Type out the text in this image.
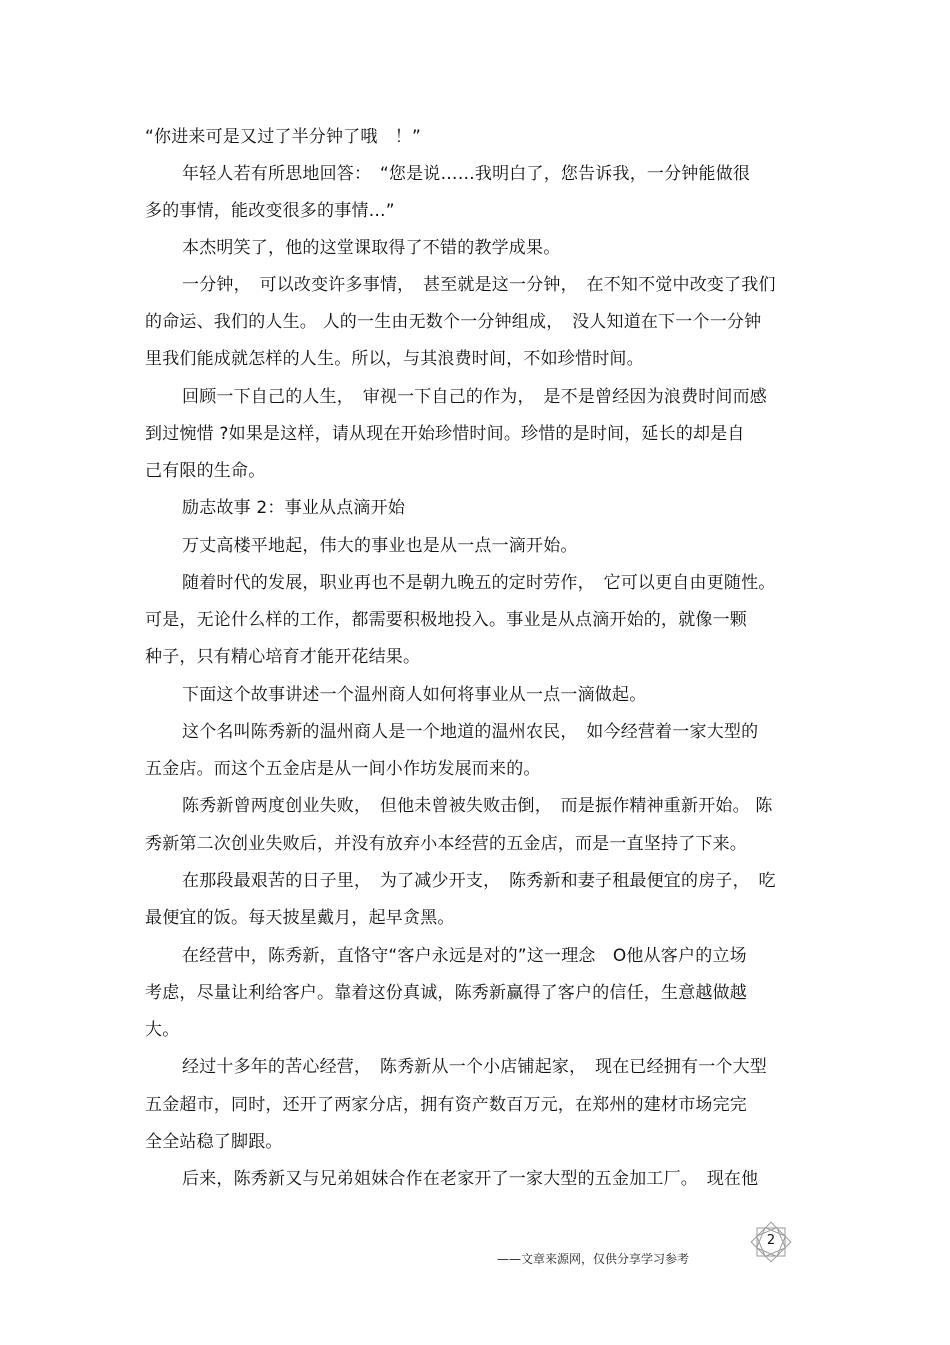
“你进来可是又过了半分钟了哦　！”
年轻人若有所思地回答：　“您是说……我明白了，您告诉我，一分钟能做很
多的事情，能改变很多的事情…”
本杰明笑了，他的这堂课取得了不错的教学成果。
一分钟，　可以改变许多事情，　甚至就是这一分钟，　在不知不觉中改变了我们
的命运、我们的人生。 人的一生由无数个一分钟组成，　没人知道在下一个一分钟
里我们能成就怎样的人生。所以，与其浪费时间，不如珍惜时间。
回顾一下自己的人生，　审视一下自己的作为，　是不是曾经因为浪费时间而感
到过惋惜 ?如果是这样，请从现在开始珍惜时间。珍惜的是时间，延长的却是自
己有限的生命。
励志故事 2：事业从点滴开始
万丈高楼平地起，伟大的事业也是从一点一滴开始。
随着时代的发展，职业再也不是朝九晚五的定时劳作，　它可以更自由更随性。
可是，无论什么样的工作，都需要积极地投入。事业是从点滴开始的，就像一颗
种子，只有精心培育才能开花结果。
下面这个故事讲述一个温州商人如何将事业从一点一滴做起。
这个名叫陈秀新的温州商人是一个地道的温州农民，　如今经营着一家大型的
五金店。而这个五金店是从一间小作坊发展而来的。
陈秀新曾两度创业失败，　但他未曾被失败击倒，　而是振作精神重新开始。 陈
秀新第二次创业失败后，并没有放弃小本经营的五金店，而是一直坚持了下来。
在那段最艰苦的日子里，　为了减少开支，　陈秀新和妻子租最便宜的房子，　吃
最便宜的饭。每天披星戴月，起早贪黑。
在经营中，陈秀新，直恪守“客户永远是对的”这一理念　O他从客户的立场
考虑，尽量让利给客户。靠着这份真诚，陈秀新赢得了客户的信任，生意越做越
大。
经过十多年的苦心经营，　陈秀新从一个小店铺起家，　现在已经拥有一个大型
五金超市，同时，还开了两家分店，拥有资产数百万元，在郑州的建材市场完完
全全站稳了脚跟。
后来，陈秀新又与兄弟姐妹合作在老家开了一家大型的五金加工厂。　现在他
2
——文章来源网，仅供分享学习参考
